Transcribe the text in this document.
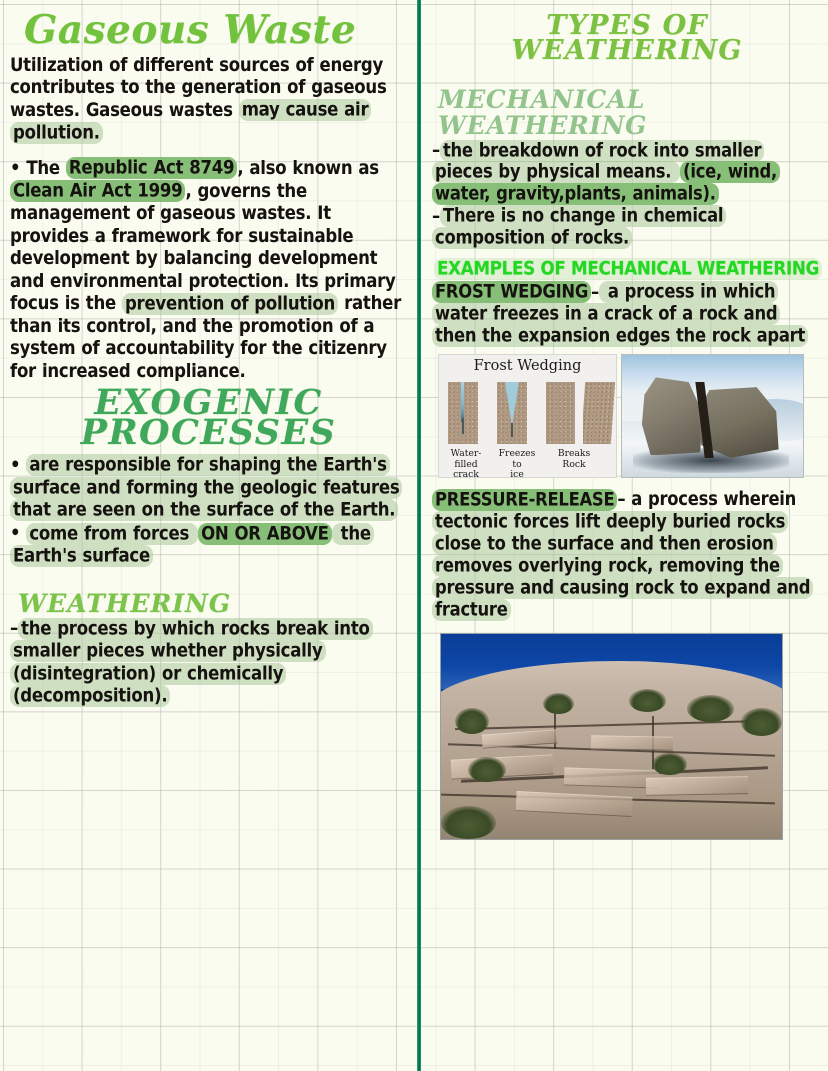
Gaseous Waste

Utilization of different sources of energy contributes to the generation of gaseous wastes. Gaseous wastes may cause air pollution.

• The Republic Act 8749 , also known as Clean Air Act 1999 , governs the management of gaseous wastes. It provides a framework for sustainable development by balancing development and environmental protection. Its primary focus is the prevention of pollution rather than its control, and the promotion of a system of accountability for the citizenry for increased compliance.

EXOGENIC
PROCESSES

• are responsible for shaping the Earth's surface and forming the geologic features that are seen on the surface of the Earth.

• come from forces ON OR ABOVE the Earth's surface

WEATHERING

– the process by which rocks break into smaller pieces whether physically (disintegration) or chemically (decomposition).

TYPES OF
WEATHERING
MECHANICAL WEATHERING

– the breakdown of rock into smaller pieces by physical means. (ice, wind, water, gravity,plants, animals).

– There is no change in chemical composition of rocks.

EXAMPLES OF MECHANICAL WEATHERING

FROST WEDGING – a process in which water freezes in a crack of a rock and then the expansion edges the rock apart

Frost Wedging
Water-filled
crack
Freezes to
ice
Breaks
Rock

PRESSURE-RELEASE – a process wherein tectonic forces lift deeply buried rocks close to the surface and then erosion removes overlying rock, removing the pressure and causing rock to expand and fracture
